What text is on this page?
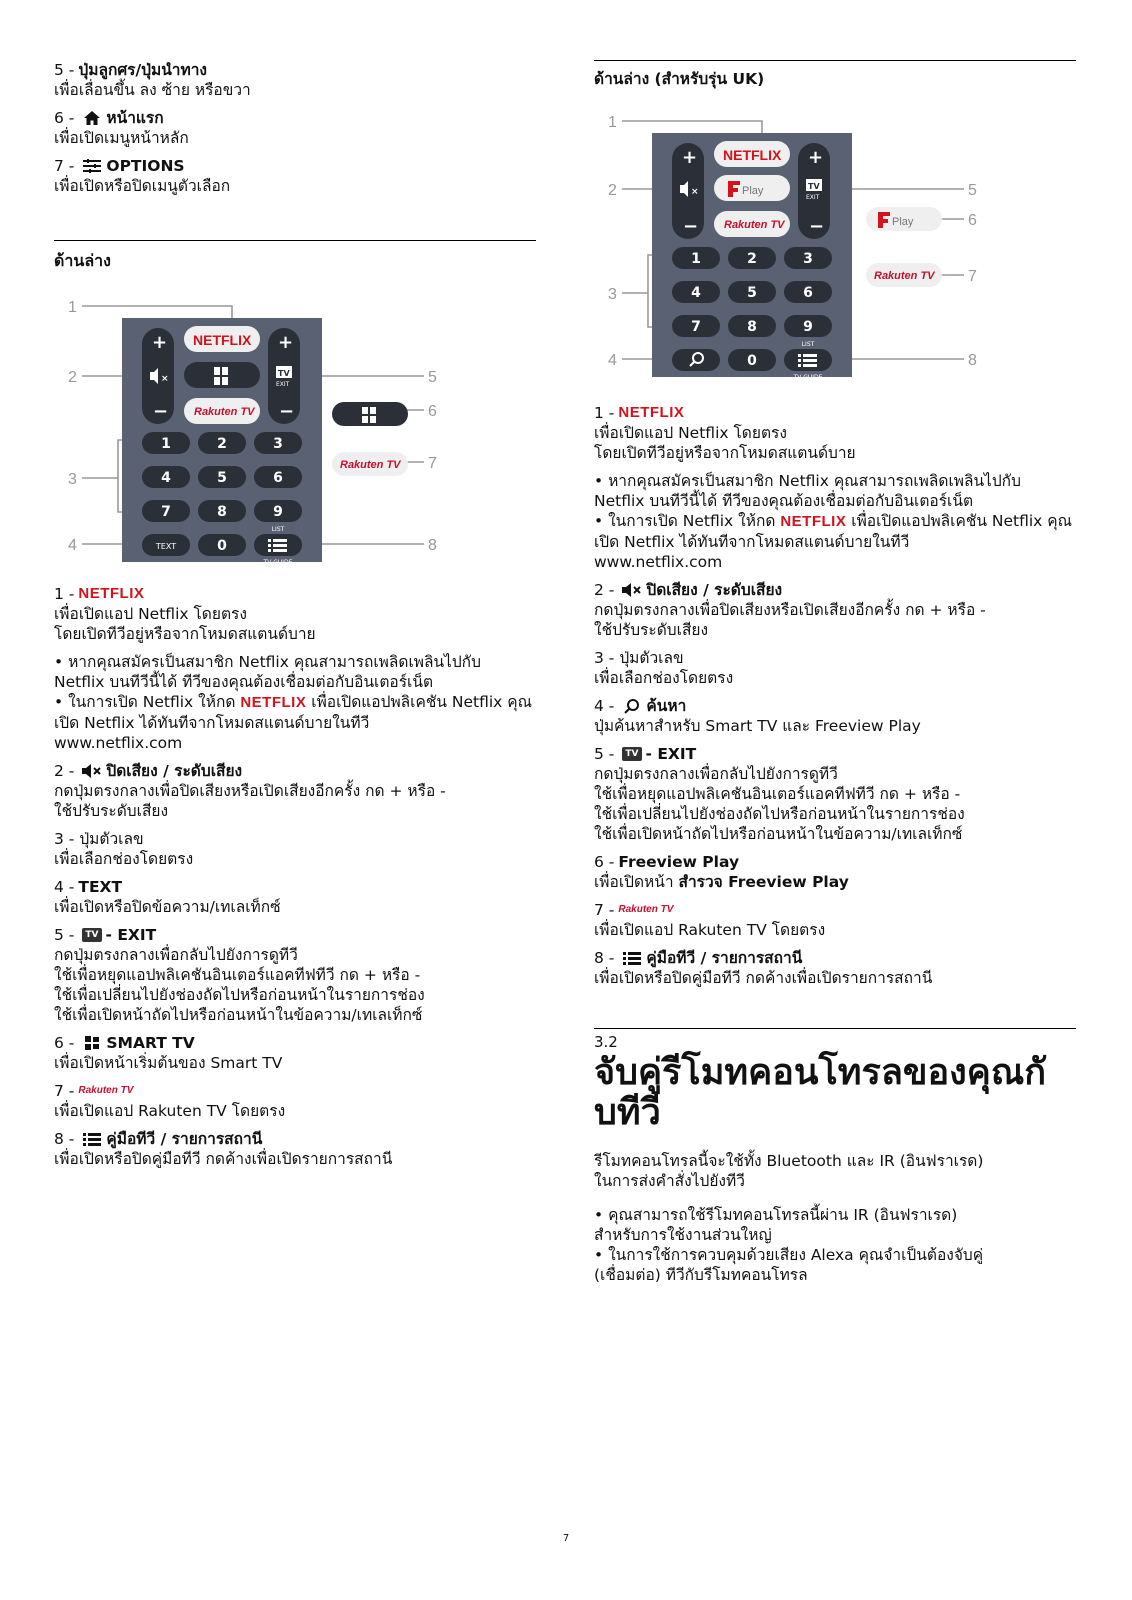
5 - ปุ่มลูกศร/ปุ่มนำทาง
เพื่อเลื่อนขึ้น ลง ซ้าย หรือขวา
6 - หน้าแรก
เพื่อเปิดเมนูหน้าหลัก
7 - OPTIONS
เพื่อเปิดหรือปิดเมนูตัวเลือก
ด้านล่าง
1
2
3
4
5
6
7
8
+
−
+
−
×
TV
EXIT
NETFLIX
Rakuten TV
Rakuten TV
1	2	3
4	5	6
7	8	9
0
TEXT
LIST
TV GUIDE
1 - NETFLIX
เพื่อเปิดแอป Netflix โดยตรง
โดยเปิดทีวีอยู่หรือจากโหมดสแตนด์บาย
• หากคุณสมัครเป็นสมาชิก Netflix คุณสามารถเพลิดเพลินไปกับ Netflix บนทีวีนี้ได้ ทีวีของคุณต้องเชื่อมต่อกับอินเตอร์เน็ต
• ในการเปิด Netflix ให้กด NETFLIX เพื่อเปิดแอปพลิเคชัน Netflix คุณเปิด Netflix ได้ทันทีจากโหมดสแตนด์บายในทีวี
www.netflix.com
2 - ปิดเสียง / ระดับเสียง
กดปุ่มตรงกลางเพื่อปิดเสียงหรือเปิดเสียงอีกครั้ง กด + หรือ -
ใช้ปรับระดับเสียง
3 - ปุ่มตัวเลข
เพื่อเลือกช่องโดยตรง
4 - TEXT
เพื่อเปิดหรือปิดข้อความ/เทเลเท็กซ์
5 -	TV - EXIT
กดปุ่มตรงกลางเพื่อกลับไปยังการดูทีวี
ใช้เพื่อหยุดแอปพลิเคชันอินเตอร์แอคทีฟทีวี กด + หรือ -
ใช้เพื่อเปลี่ยนไปยังช่องถัดไปหรือก่อนหน้าในรายการช่อง
ใช้เพื่อเปิดหน้าถัดไปหรือก่อนหน้าในข้อความ/เทเลเท็กซ์
6 - SMART TV
เพื่อเปิดหน้าเริ่มต้นของ Smart TV
7 - Rakuten TV
เพื่อเปิดแอป Rakuten TV โดยตรง
8 - คู่มือทีวี / รายการสถานี
เพื่อเปิดหรือปิดคู่มือทีวี กดค้างเพื่อเปิดรายการสถานี
ด้านล่าง (สำหรับรุ่น UK)
1
2
3
4
5
6
7
8
+
−
+
−
×
TV
EXIT
NETFLIX
Play
Rakuten TV	Play
Rakuten TV
1	2	3
4	5	6
7	8	9
0
LIST
TV GUIDE
1 - NETFLIX
เพื่อเปิดแอป Netflix โดยตรง
โดยเปิดทีวีอยู่หรือจากโหมดสแตนด์บาย
• หากคุณสมัครเป็นสมาชิก Netflix คุณสามารถเพลิดเพลินไปกับ Netflix บนทีวีนี้ได้ ทีวีของคุณต้องเชื่อมต่อกับอินเตอร์เน็ต
• ในการเปิด Netflix ให้กด NETFLIX เพื่อเปิดแอปพลิเคชัน Netflix คุณเปิด Netflix ได้ทันทีจากโหมดสแตนด์บายในทีวี
www.netflix.com
2 - ปิดเสียง / ระดับเสียง
กดปุ่มตรงกลางเพื่อปิดเสียงหรือเปิดเสียงอีกครั้ง กด + หรือ -
ใช้ปรับระดับเสียง
3 - ปุ่มตัวเลข
เพื่อเลือกช่องโดยตรง
4 - ค้นหา
ปุ่มค้นหาสำหรับ Smart TV และ Freeview Play
5 -	TV - EXIT
กดปุ่มตรงกลางเพื่อกลับไปยังการดูทีวี
ใช้เพื่อหยุดแอปพลิเคชันอินเตอร์แอคทีฟทีวี กด + หรือ -
ใช้เพื่อเปลี่ยนไปยังช่องถัดไปหรือก่อนหน้าในรายการช่อง
ใช้เพื่อเปิดหน้าถัดไปหรือก่อนหน้าในข้อความ/เทเลเท็กซ์
6 - Freeview Play
เพื่อเปิดหน้า สำรวจ Freeview Play
7 - Rakuten TV
เพื่อเปิดแอป Rakuten TV โดยตรง
8 - คู่มือทีวี / รายการสถานี
เพื่อเปิดหรือปิดคู่มือทีวี กดค้างเพื่อเปิดรายการสถานี
3.2
จับคู่รีโมทคอนโทรลของคุณกั
บทีวี
รีโมทคอนโทรลนี้จะใช้ทั้ง Bluetooth และ IR (อินฟราเรด)
ในการส่งคำสั่งไปยังทีวี
• คุณสามารถใช้รีโมทคอนโทรลนี้ผ่าน IR (อินฟราเรด)
สำหรับการใช้งานส่วนใหญ่
• ในการใช้การควบคุมด้วยเสียง Alexa คุณจำเป็นต้องจับคู่
(เชื่อมต่อ) ทีวีกับรีโมทคอนโทรล
7
